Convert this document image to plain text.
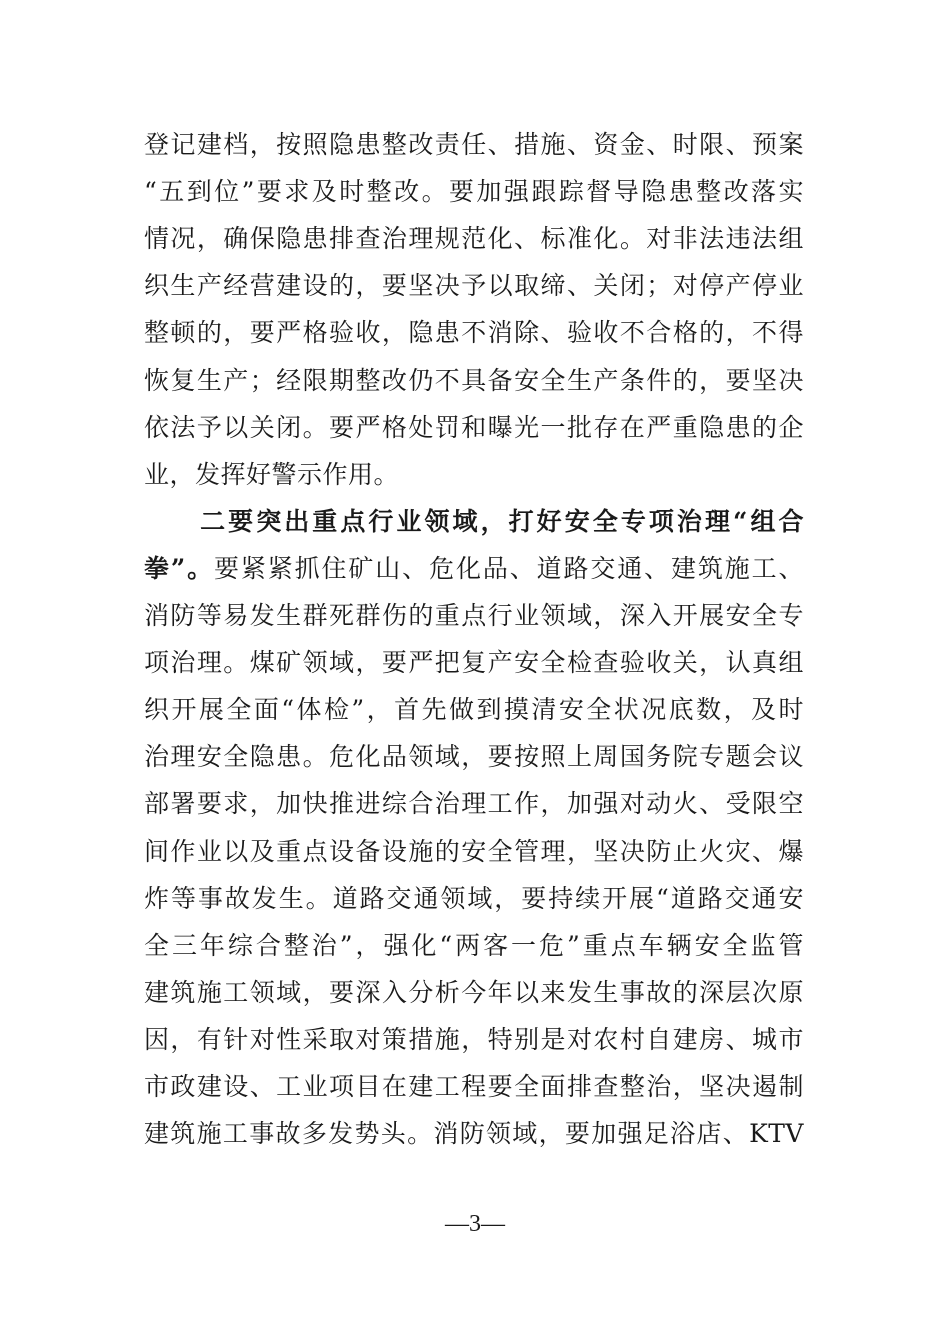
登记建档，按照隐患整改责任、措施、资金、时限、预案
“五到位”要求及时整改。要加强跟踪督导隐患整改落实
情况，确保隐患排查治理规范化、标准化。对非法违法组
织生产经营建设的，要坚决予以取缔、关闭；对停产停业
整顿的，要严格验收，隐患不消除、验收不合格的，不得
恢复生产；经限期整改仍不具备安全生产条件的，要坚决
依法予以关闭。要严格处罚和曝光一批存在严重隐患的企
业，发挥好警示作用。
　　二要突出重点行业领域，打好安全专项治理“组合
拳”。要紧紧抓住矿山、危化品、道路交通、建筑施工、
消防等易发生群死群伤的重点行业领域，深入开展安全专
项治理。煤矿领域，要严把复产安全检查验收关，认真组
织开展全面“体检”，首先做到摸清安全状况底数，及时
治理安全隐患。危化品领域，要按照上周国务院专题会议
部署要求，加快推进综合治理工作，加强对动火、受限空
间作业以及重点设备设施的安全管理，坚决防止火灾、爆
炸等事故发生。道路交通领域，要持续开展“道路交通安
全三年综合整治”，强化“两客一危”重点车辆安全监管
建筑施工领域，要深入分析今年以来发生事故的深层次原
因，有针对性采取对策措施，特别是对农村自建房、城市
市政建设、工业项目在建工程要全面排查整治，坚决遏制
建筑施工事故多发势头。消防领域，要加强足浴店、KTV
—3—
